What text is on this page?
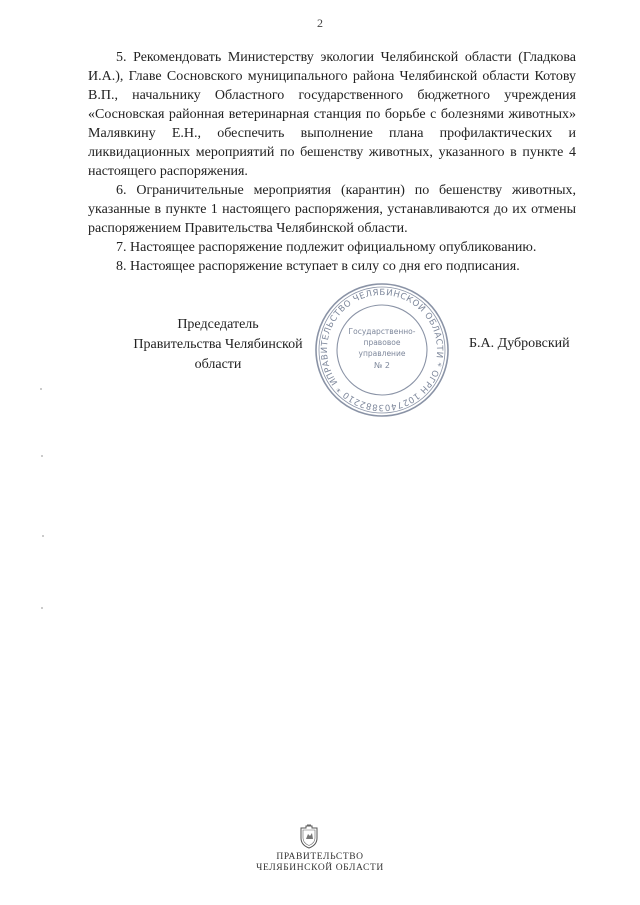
2

5. Рекомендовать Министерству экологии Челябинской области (Гладкова И.А.), Главе Сосновского муниципального района Челябинской области Котову В.П., начальнику Областного государственного бюджетного учреждения «Сосновская районная ветеринарная станция по борьбе с болезнями животных» Малявкину Е.Н., обеспечить выполнение плана профилактических и ликвидационных мероприятий по бешенству животных, указанного в пункте 4 настоящего распоряжения.

6. Ограничительные мероприятия (карантин) по бешенству животных, указанные в пункте 1 настоящего распоряжения, устанавливаются до их отмены распоряжением Правительства Челябинской области.

7. Настоящее распоряжение подлежит официальному опубликованию.

8. Настоящее распоряжение вступает в силу со дня его подписания.

Председатель
Правительства Челябинской области
Б.А. Дубровский
ПРАВИТЕЛЬСТВО ЧЕЛЯБИНСКОЙ ОБЛАСТИ * ОГРН 1027403882210 * ИНН
Государственно-
правовое
управление
№ 2
ПРАВИТЕЛЬСТВО
ЧЕЛЯБИНСКОЙ ОБЛАСТИ
